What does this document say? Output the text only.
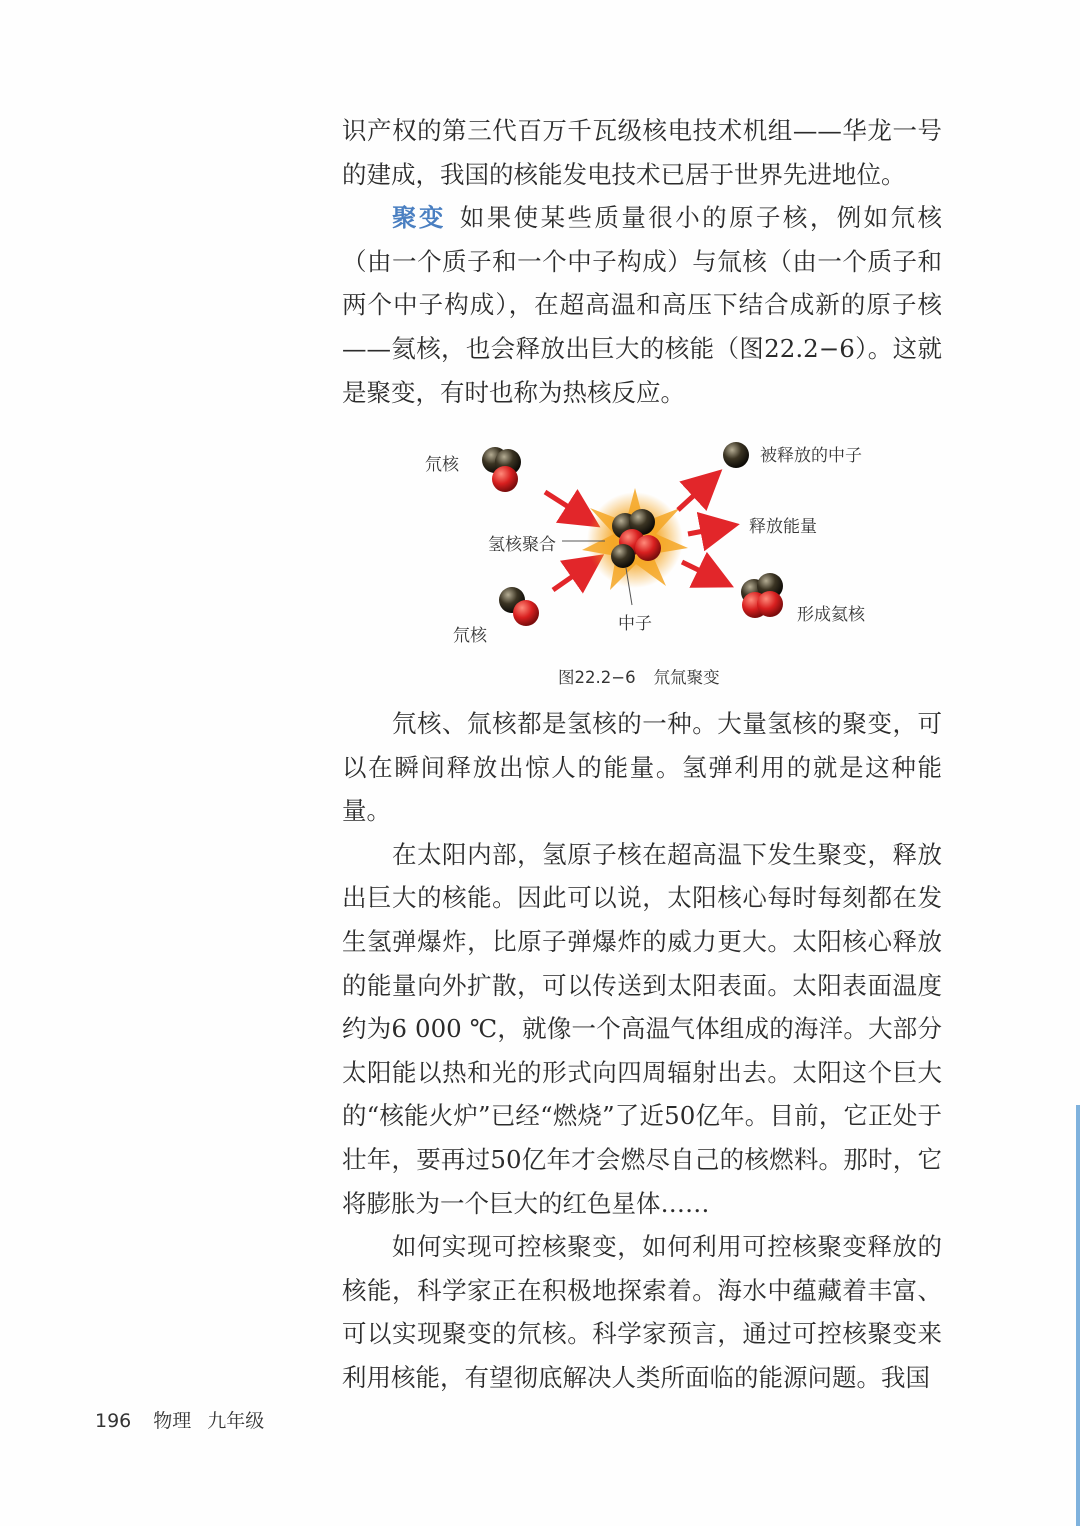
识产权的第三代百万千瓦级核电技术机组——华龙一号的建成，我国的核能发电技术已居于世界先进地位。

聚变 如果使某些质量很小的原子核，例如氘核（由一个质子和一个中子构成）与氚核（由一个质子和两个中子构成），在超高温和高压下结合成新的原子核——氦核，也会释放出巨大的核能（图22.2−6）。这就是聚变，有时也称为热核反应。

氘核
氘核
氢核聚合
中子
被释放的中子
释放能量
形成氦核
图22.2−6 氘氚聚变

氘核、氚核都是氢核的一种。大量氢核的聚变，可以在瞬间释放出惊人的能量。氢弹利用的就是这种能量。

在太阳内部，氢原子核在超高温下发生聚变，释放出巨大的核能。因此可以说，太阳核心每时每刻都在发生氢弹爆炸，比原子弹爆炸的威力更大。太阳核心释放的能量向外扩散，可以传送到太阳表面。太阳表面温度约为6 000 ℃，就像一个高温气体组成的海洋。大部分太阳能以热和光的形式向四周辐射出去。太阳这个巨大的“核能火炉”已经“燃烧”了近50亿年。目前，它正处于壮年，要再过50亿年才会燃尽自己的核燃料。那时，它将膨胀为一个巨大的红色星体……

如何实现可控核聚变，如何利用可控核聚变释放的核能，科学家正在积极地探索着。海水中蕴藏着丰富、可以实现聚变的氘核。科学家预言，通过可控核聚变来利用核能，有望彻底解决人类所面临的能源问题。我国

196 物理 九年级
